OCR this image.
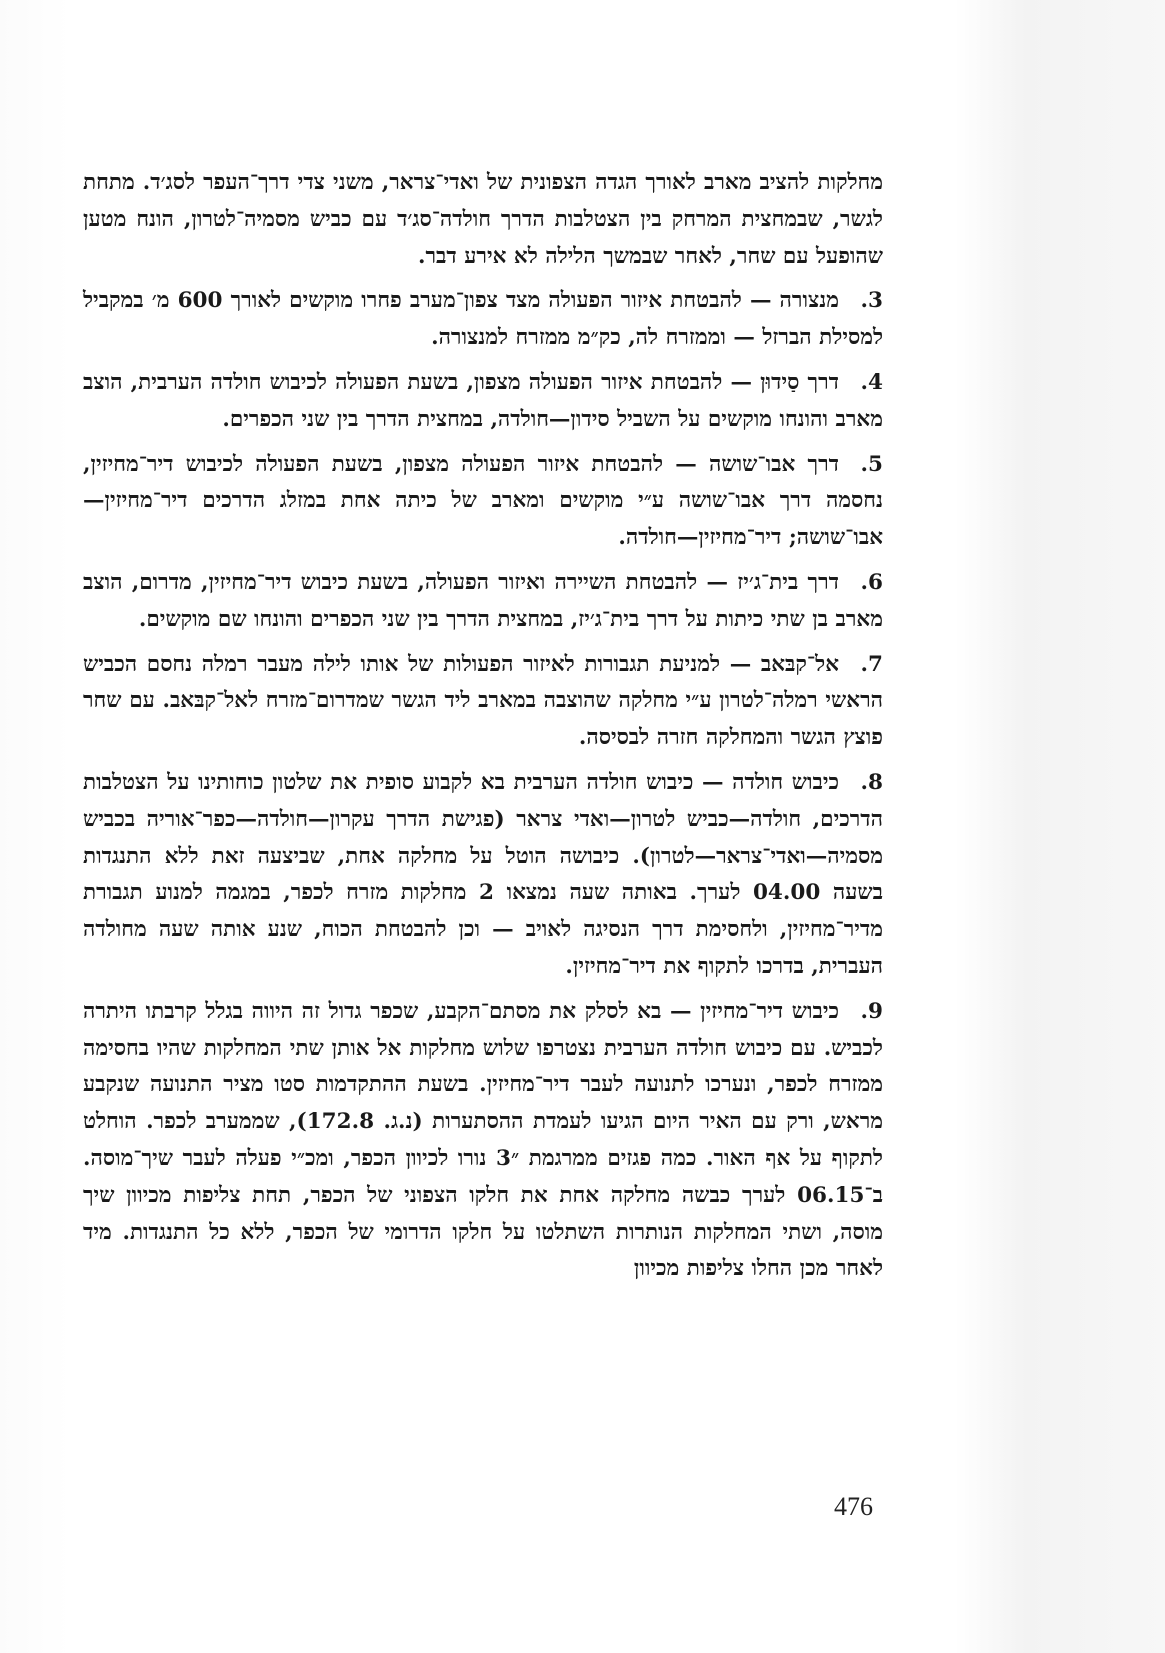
מחלקות להציב מארב לאורך הגדה הצפונית של ואדי־צראר, משני צדי דרך־העפר לסג׳ד. מתחת לגשר, שבמחצית המרחק בין הצטלבות הדרך חולדה־סג׳ד עם כביש מסמיה־לטרון, הונח מטען שהופעל עם שחר, לאחר שבמשך הלילה לא אירע דבר.

3.מנצורה — להבטחת איזור הפעולה מצד צפון־מערב פחרו מוקשים לאורך 600 מ׳ במקביל למסילת הברזל — וממזרח לה, כק״מ ממזרח למנצורה.

4.דרך סַידוּן — להבטחת איזור הפעולה מצפון, בשעת הפעולה לכיבוש חולדה הערבית, הוצב מארב והונחו מוקשים על השביל סידון—חולדה, במחצית הדרך בין שני הכפרים.

5.דרך אבו־שושה — להבטחת איזור הפעולה מצפון, בשעת הפעולה לכיבוש דיר־מחיזין, נחסמה דרך אבו־שושה ע״י מוקשים ומארב של כיתה אחת במזלג הדרכים דיר־מחיזין—אבו־שושה; דיר־מחיזין—חולדה.

6.דרך בית־ג׳יז — להבטחת השיירה ואיזור הפעולה, בשעת כיבוש דיר־מחיזין, מדרום, הוצב מארב בן שתי כיתות על דרך בית־ג׳יז, במחצית הדרך בין שני הכפרים והונחו שם מוקשים.

7.אל־קבּאב — למניעת תגבורות לאיזור הפעולות של אותו לילה מעבר רמלה נחסם הכביש הראשי רמלה־לטרון ע״י מחלקה שהוצבה במארב ליד הגשר שמדרום־מזרח לאל־קבּאב. עם שחר פוצץ הגשר והמחלקה חזרה לבסיסה.

8.כיבוש חולדה — כיבוש חולדה הערבית בא לקבוע סופית את שלטון כוחותינו על הצטלבות הדרכים, חולדה—כביש לטרון—ואדי צראר (פגישת הדרך עקרון—חולדה—כפר־אוריה בכביש מסמיה—ואדי־צראר—לטרון). כיבושה הוטל על מחלקה אחת, שביצעה זאת ללא התנגדות בשעה 04.00 לערך. באותה שעה נמצאו 2 מחלקות מזרח לכפר, במגמה למנוע תגבורת מדיר־מחיזין, ולחסימת דרך הנסיגה לאויב — וכן להבטחת הכוח, שנע אותה שעה מחולדה העברית, בדרכו לתקוף את דיר־מחיזין.

9.כיבוש דיר־מחיזין — בא לסלק את מסתם־הקבע, שכפר גדול זה היווה בגלל קרבתו היתרה לכביש. עם כיבוש חולדה הערבית נצטרפו שלוש מחלקות אל אותן שתי המחלקות שהיו בחסימה ממזרח לכפר, ונערכו לתנועה לעבר דיר־מחיזין. בשעת ההתקדמות סטו מציר התנועה שנקבע מראש, ורק עם האיר היום הגיעו לעמדת ההסתערות (נ.ג. 172.8), שממערב לכפר. הוחלט לתקוף על אף האור. כמה פגזים ממרגמת ״3 נורו לכיוון הכפר, ומכ״י פעלה לעבר שיך־מוסה. ב־06.15 לערך כבשה מחלקה אחת את חלקו הצפוני של הכפר, תחת צליפות מכיוון שיך מוסה, ושתי המחלקות הנותרות השתלטו על חלקו הדרומי של הכפר, ללא כל התנגדות. מיד לאחר מכן החלו צליפות מכיוון

476
